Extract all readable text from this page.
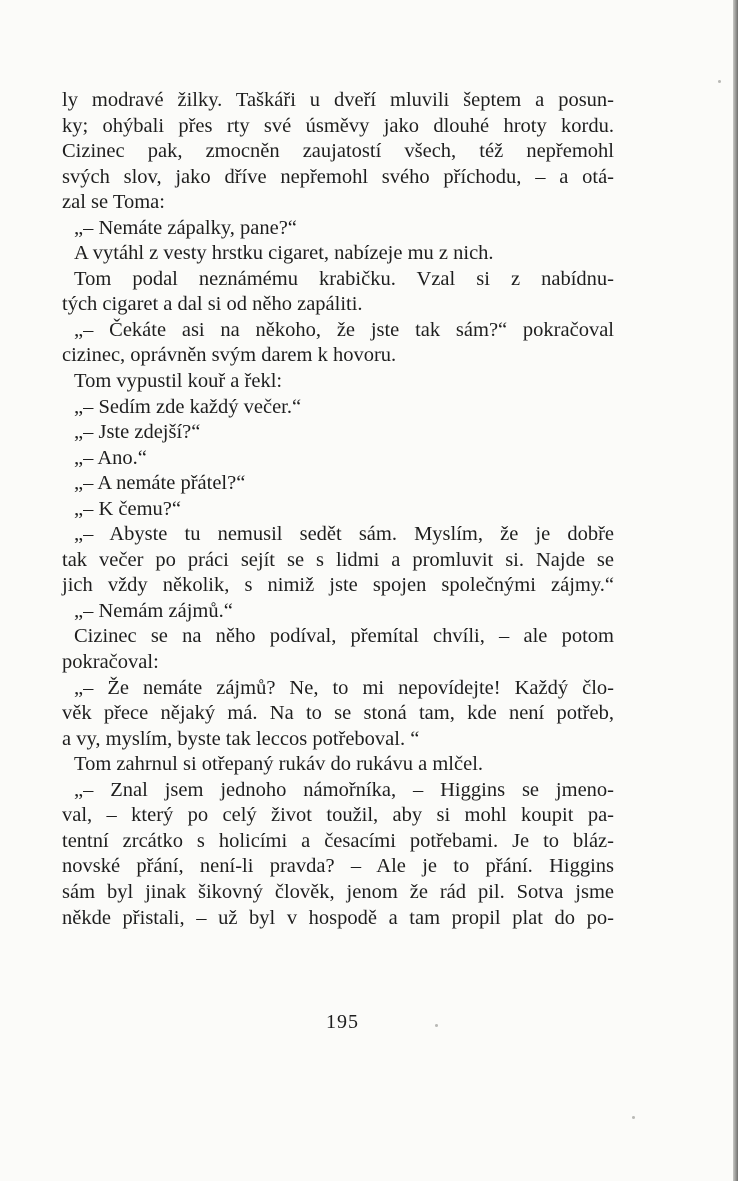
ly modravé žilky. Taškáři u dveří mluvili šeptem a posun-
ky; ohýbali přes rty své úsměvy jako dlouhé hroty kordu.
Cizinec pak, zmocněn zaujatostí všech, též nepřemohl
svých slov, jako dříve nepřemohl svého příchodu, – a otá-
zal se Toma:
„– Nemáte zápalky, pane?“
A vytáhl z vesty hrstku cigaret, nabízeje mu z nich.
Tom podal neznámému krabičku. Vzal si z nabídnu-
tých cigaret a dal si od něho zapáliti.
„– Čekáte asi na někoho, že jste tak sám?“ pokračoval
cizinec, oprávněn svým darem k hovoru.
Tom vypustil kouř a řekl:
„– Sedím zde každý večer.“
„– Jste zdejší?“
„– Ano.“
„– A nemáte přátel?“
„– K čemu?“
„– Abyste tu nemusil sedět sám. Myslím, že je dobře
tak večer po práci sejít se s lidmi a promluvit si. Najde se
jich vždy několik, s nimiž jste spojen společnými zájmy.“
„– Nemám zájmů.“
Cizinec se na něho podíval, přemítal chvíli, – ale potom
pokračoval:
„– Že nemáte zájmů? Ne, to mi nepovídejte! Každý člo-
věk přece nějaký má. Na to se stoná tam, kde není potřeb,
a vy, myslím, byste tak leccos potřeboval. “
Tom zahrnul si otřepaný rukáv do rukávu a mlčel.
„– Znal jsem jednoho námořníka, – Higgins se jmeno-
val, – který po celý život toužil, aby si mohl koupit pa-
tentní zrcátko s holicími a česacími potřebami. Je to bláz-
novské přání, není-li pravda? – Ale je to přání. Higgins
sám byl jinak šikovný člověk, jenom že rád pil. Sotva jsme
někde přistali, – už byl v hospodě a tam propil plat do po-
195
